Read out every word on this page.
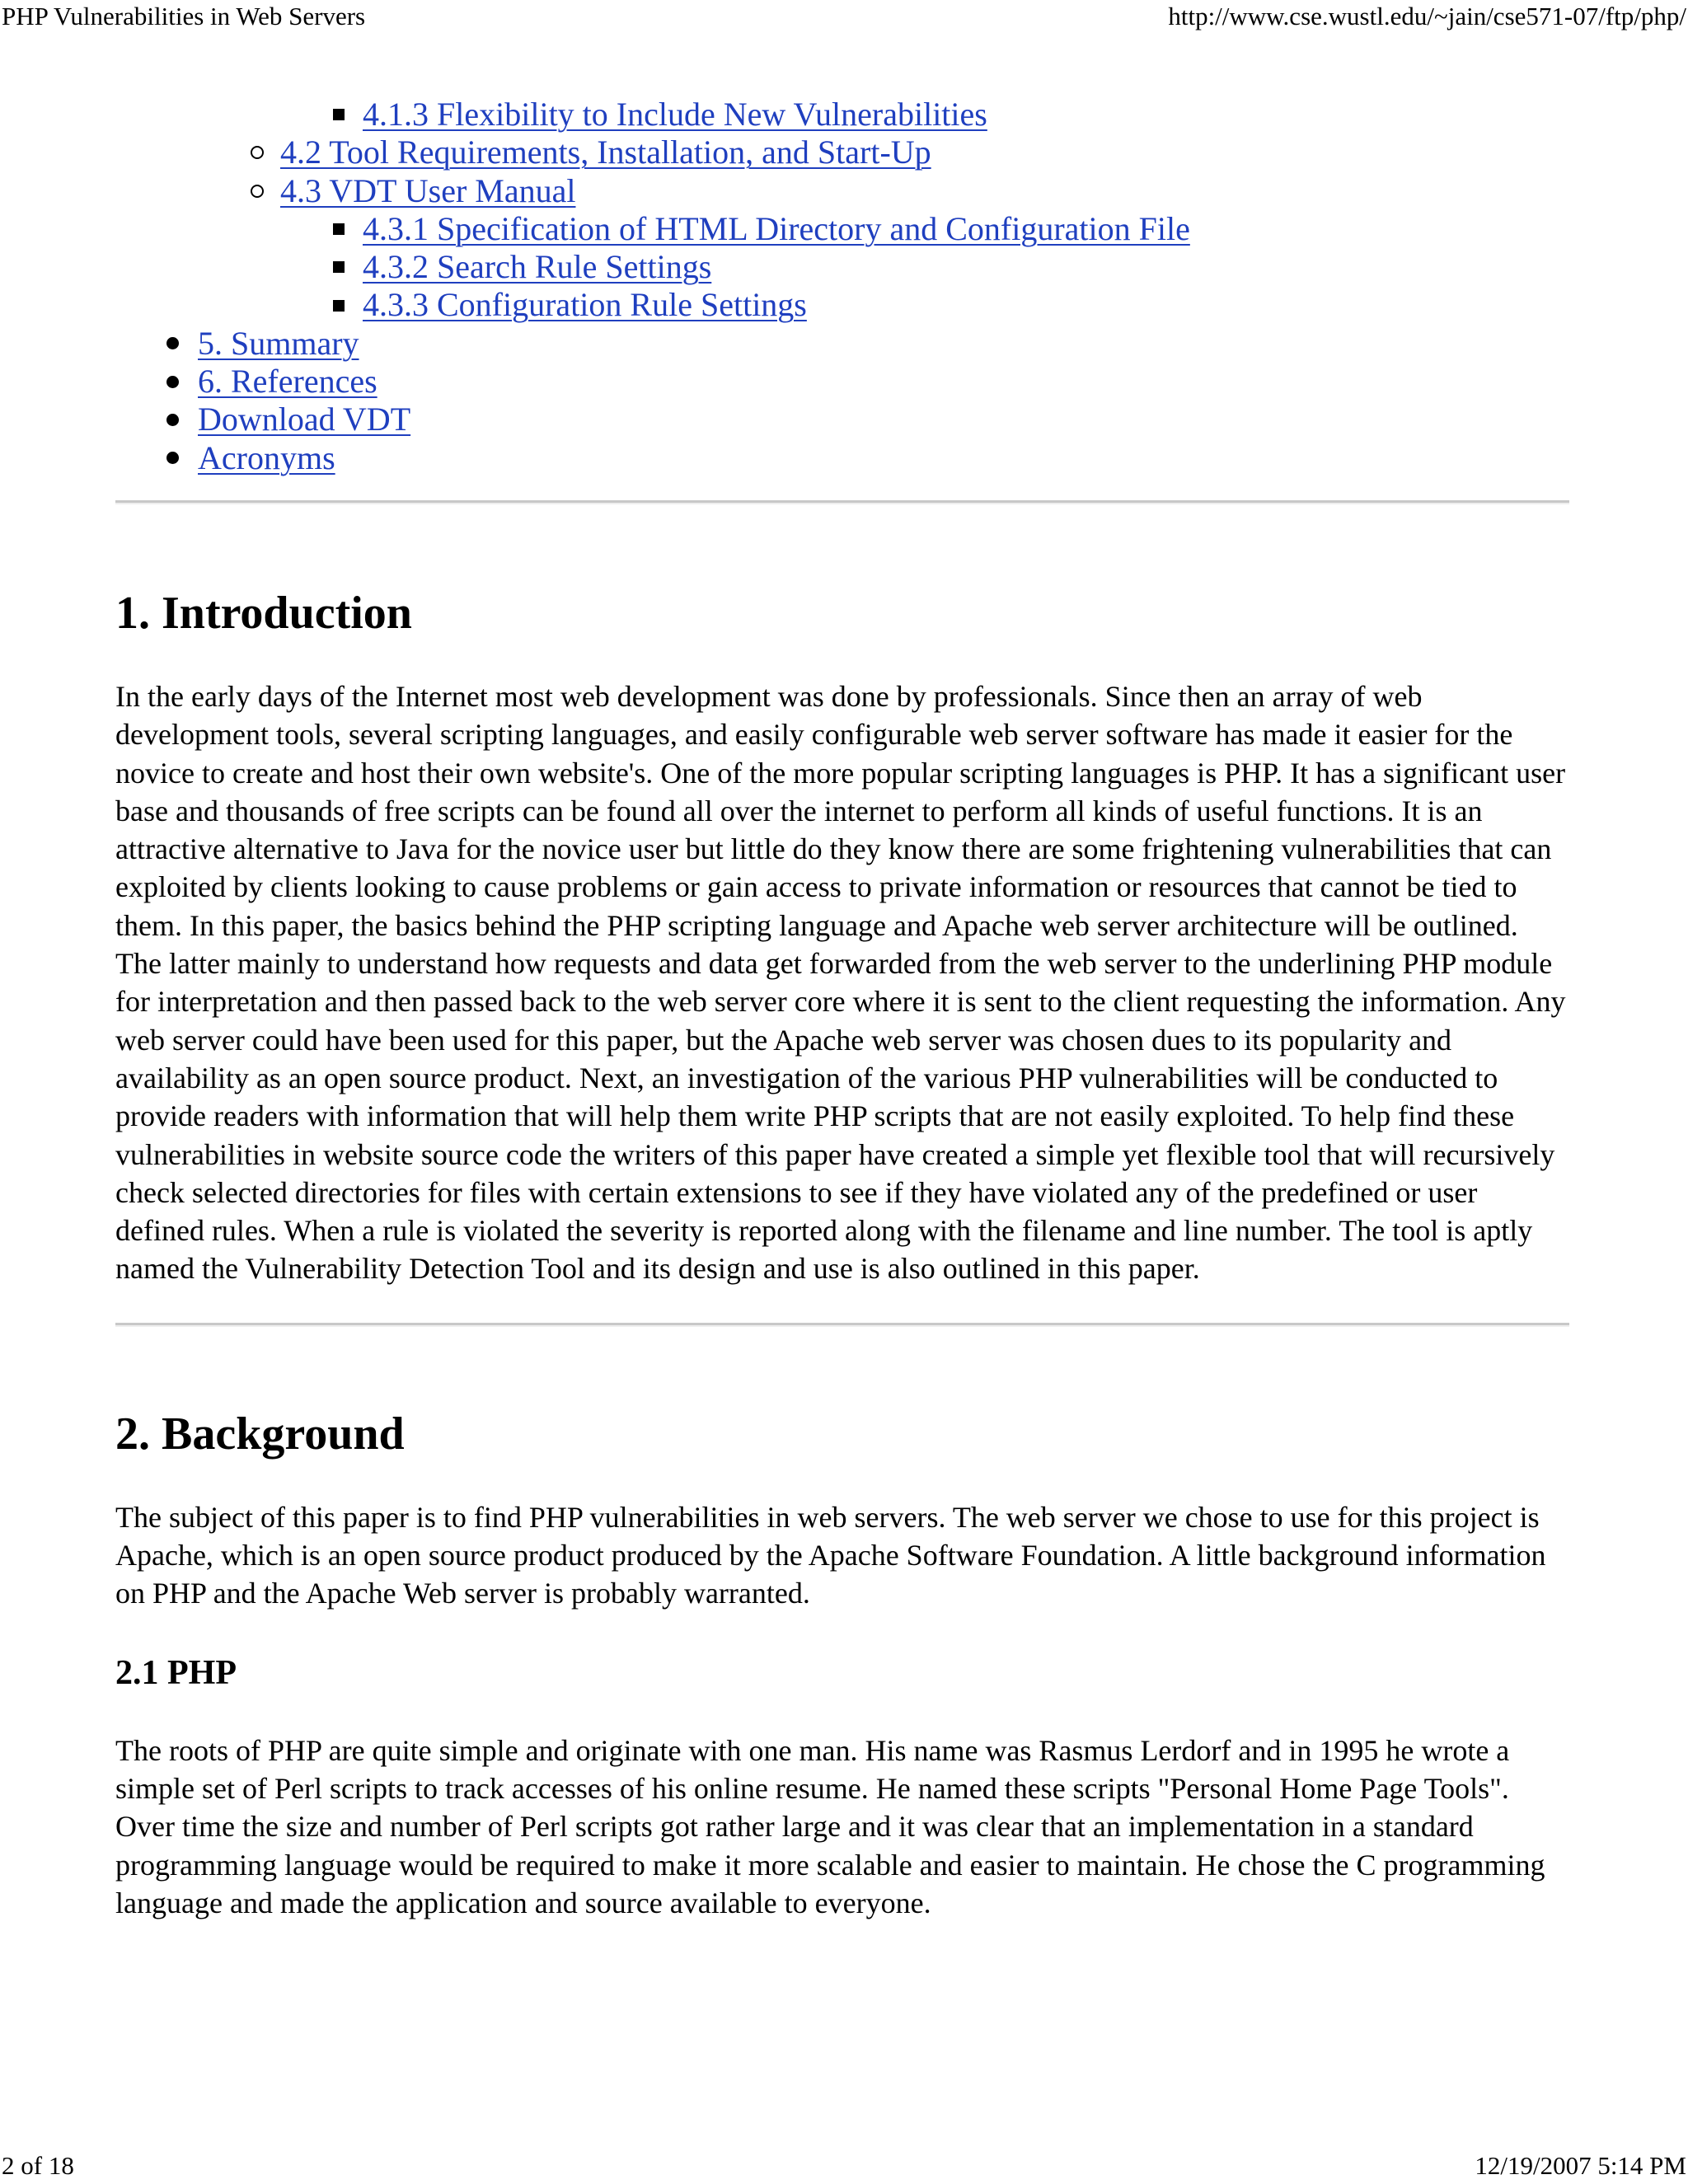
PHP Vulnerabilities in Web Servers	http://www.cse.wustl.edu/~jain/cse571-07/ftp/php/
4.1.3 Flexibility to Include New Vulnerabilities
4.2 Tool Requirements, Installation, and Start-Up
4.3 VDT User Manual
4.3.1 Specification of HTML Directory and Configuration File
4.3.2 Search Rule Settings
4.3.3 Configuration Rule Settings
5. Summary
6. References
Download VDT
Acronyms
1. Introduction

In the early days of the Internet most web development was done by professionals. Since then an array of web development tools, several scripting languages, and easily configurable web server software has made it easier for the novice to create and host their own website's. One of the more popular scripting languages is PHP. It has a significant user base and thousands of free scripts can be found all over the internet to perform all kinds of useful functions. It is an attractive alternative to Java for the novice user but little do they know there are some frightening vulnerabilities that can exploited by clients looking to cause problems or gain access to private information or resources that cannot be tied to them. In this paper, the basics behind the PHP scripting language and Apache web server architecture will be outlined. The latter mainly to understand how requests and data get forwarded from the web server to the underlining PHP module for interpretation and then passed back to the web server core where it is sent to the client requesting the information. Any web server could have been used for this paper, but the Apache web server was chosen dues to its popularity and availability as an open source product. Next, an investigation of the various PHP vulnerabilities will be conducted to provide readers with information that will help them write PHP scripts that are not easily exploited. To help find these vulnerabilities in website source code the writers of this paper have created a simple yet flexible tool that will recursively check selected directories for files with certain extensions to see if they have violated any of the predefined or user defined rules. When a rule is violated the severity is reported along with the filename and line number. The tool is aptly named the Vulnerability Detection Tool and its design and use is also outlined in this paper.

2. Background

The subject of this paper is to find PHP vulnerabilities in web servers. The web server we chose to use for this project is Apache, which is an open source product produced by the Apache Software Foundation. A little background information on PHP and the Apache Web server is probably warranted.

2.1 PHP

The roots of PHP are quite simple and originate with one man. His name was Rasmus Lerdorf and in 1995 he wrote a simple set of Perl scripts to track accesses of his online resume. He named these scripts "Personal Home Page Tools". Over time the size and number of Perl scripts got rather large and it was clear that an implementation in a standard programming language would be required to make it more scalable and easier to maintain. He chose the C programming language and made the application and source available to everyone.

2 of 18	12/19/2007 5:14 PM
